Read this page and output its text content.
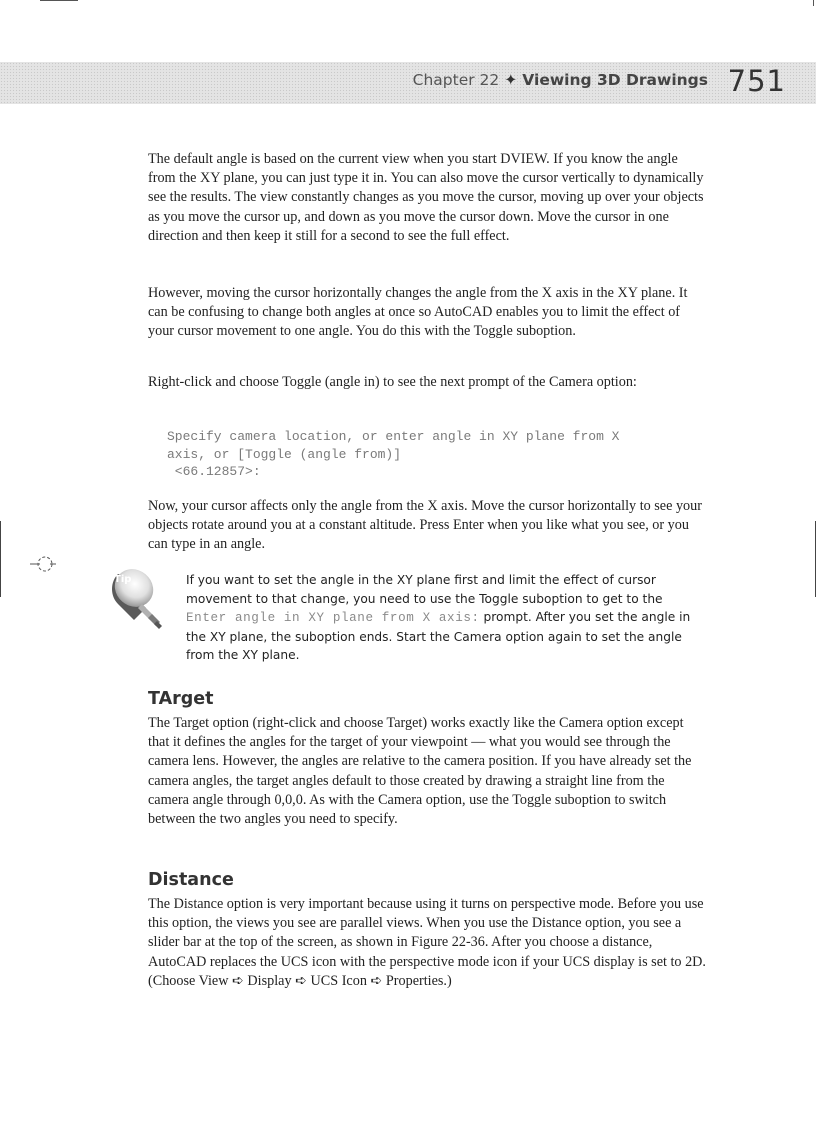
Chapter 22 ✦ Viewing 3D Drawings 751

The default angle is based on the current view when you start DVIEW. If you know the angle from the XY plane, you can just type it in. You can also move the cursor vertically to dynamically see the results. The view constantly changes as you move the cursor, moving up over your objects as you move the cursor up, and down as you move the cursor down. Move the cursor in one direction and then keep it still for a second to see the full effect.

However, moving the cursor horizontally changes the angle from the X axis in the XY plane. It can be confusing to change both angles at once so AutoCAD enables you to limit the effect of your cursor movement to one angle. You do this with the Toggle suboption.

Right-click and choose Toggle (angle in) to see the next prompt of the Camera option:

Specify camera location, or enter angle in XY plane from X
axis, or [Toggle (angle from)]
<66.12857>:

Now, your cursor affects only the angle from the X axis. Move the cursor horizontally to see your objects rotate around you at a constant altitude. Press Enter when you like what you see, or you can type in an angle.

Tip	If you want to set the angle in the XY plane first and limit the effect of cursor movement to that change, you need to use the Toggle suboption to get to the Enter angle in XY plane from X axis: prompt. After you set the angle in the XY plane, the suboption ends. Start the Camera option again to set the angle from the XY plane.
TArget

The Target option (right-click and choose Target) works exactly like the Camera option except that it defines the angles for the target of your viewpoint — what you would see through the camera lens. However, the angles are relative to the camera position. If you have already set the camera angles, the target angles default to those created by drawing a straight line from the camera angle through 0,0,0. As with the Camera option, use the Toggle suboption to switch between the two angles you need to specify.

Distance

The Distance option is very important because using it turns on perspective mode. Before you use this option, the views you see are parallel views. When you use the Distance option, you see a slider bar at the top of the screen, as shown in Figure 22-36. After you choose a distance, AutoCAD replaces the UCS icon with the perspective mode icon if your UCS display is set to 2D. (Choose View ➪ Display ➪ UCS Icon ➪ Properties.)
